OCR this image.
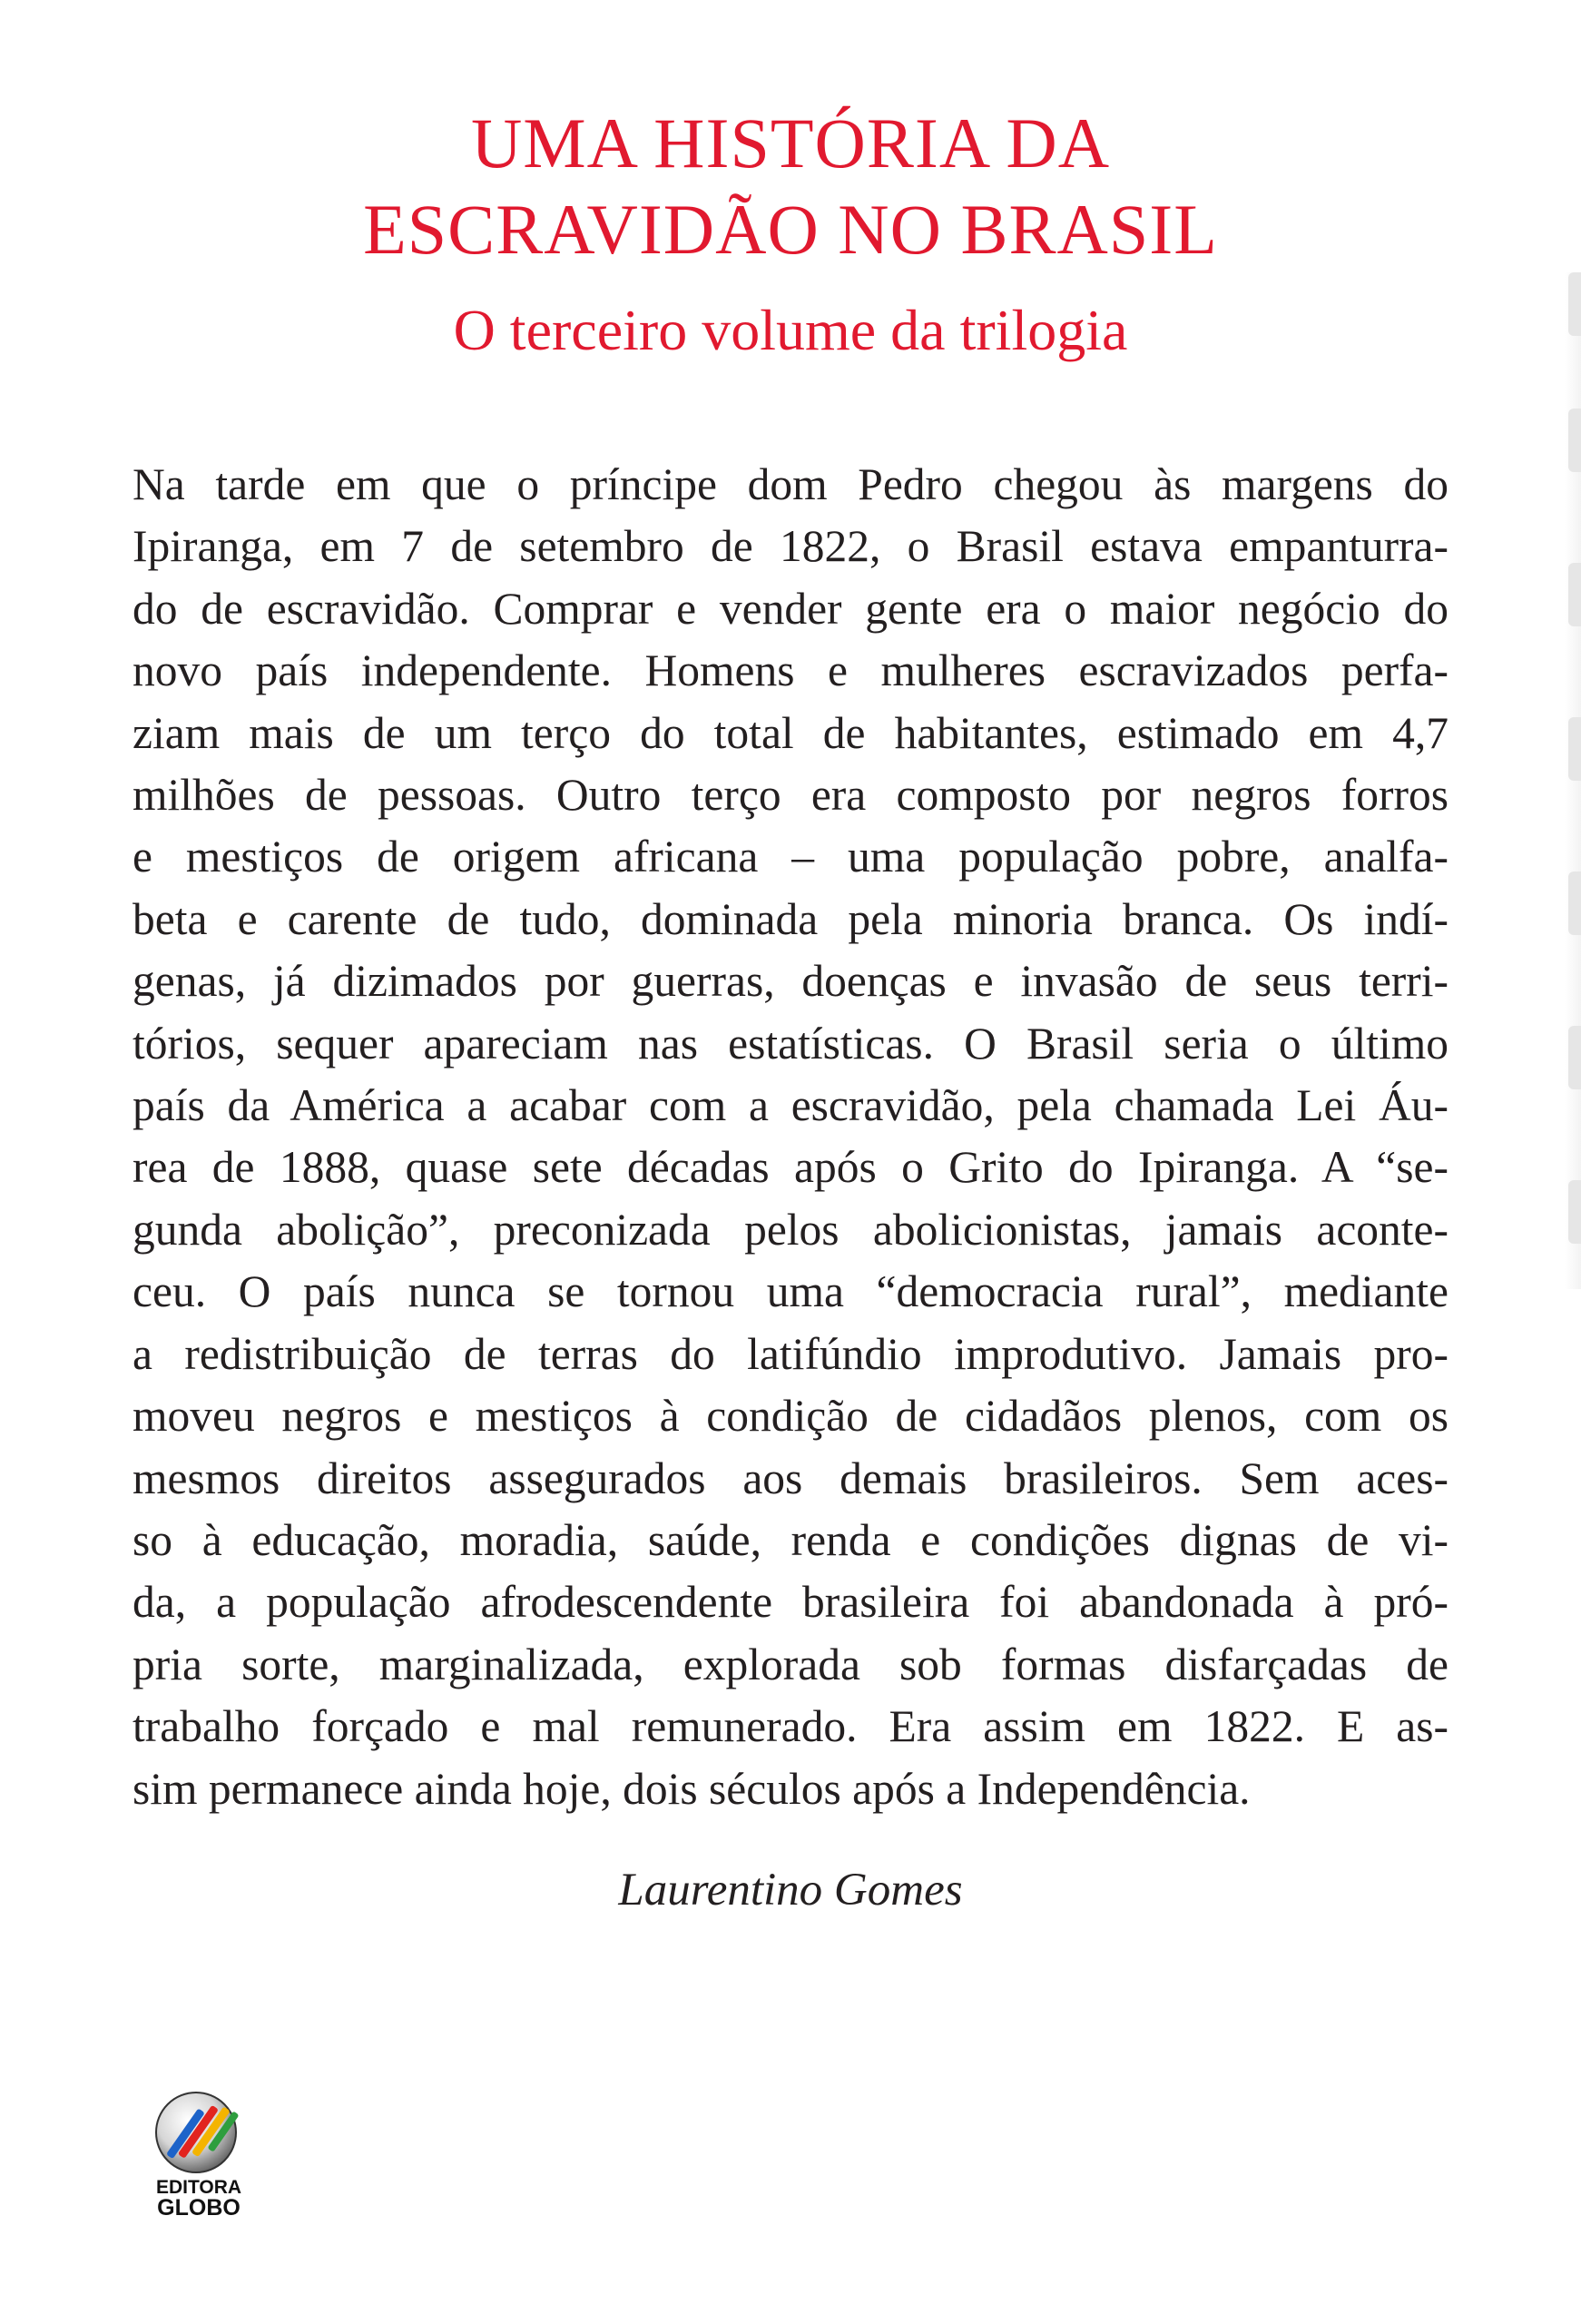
UMA HISTÓRIA DA
ESCRAVIDÃO NO BRASIL
O terceiro volume da trilogia
Na tarde em que o príncipe dom Pedro chegou às margens do
Ipiranga, em 7 de setembro de 1822, o Brasil estava empanturra-
do de escravidão. Comprar e vender gente era o maior negócio do
novo país independente. Homens e mulheres escravizados perfa-
ziam mais de um terço do total de habitantes, estimado em 4,7
milhões de pessoas. Outro terço era composto por negros forros
e mestiços de origem africana – uma população pobre, analfa-
beta e carente de tudo, dominada pela minoria branca. Os indí-
genas, já dizimados por guerras, doenças e invasão de seus terri-
tórios, sequer apareciam nas estatísticas. O Brasil seria o último
país da América a acabar com a escravidão, pela chamada Lei Áu-
rea de 1888, quase sete décadas após o Grito do Ipiranga. A “se-
gunda abolição”, preconizada pelos abolicionistas, jamais aconte-
ceu. O país nunca se tornou uma “democracia rural”, mediante
a redistribuição de terras do latifúndio improdutivo. Jamais pro-
moveu negros e mestiços à condição de cidadãos plenos, com os
mesmos direitos assegurados aos demais brasileiros. Sem aces-
so à educação, moradia, saúde, renda e condições dignas de vi-
da, a população afrodescendente brasileira foi abandonada à pró-
pria sorte, marginalizada, explorada sob formas disfarçadas de
trabalho forçado e mal remunerado. Era assim em 1822. E as-
sim permanece ainda hoje, dois séculos após a Independência.
Laurentino Gomes
EDITORA
GLOBO
